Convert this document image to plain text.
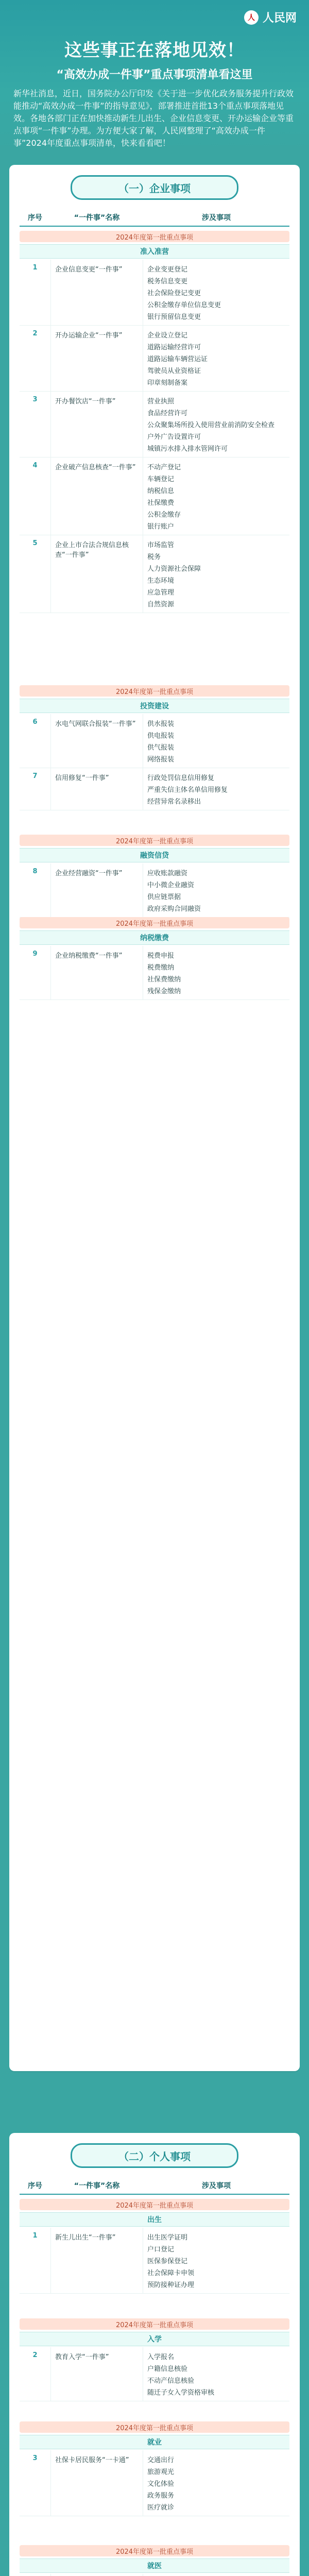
人 人民网
这些事正在落地见效！
“高效办成一件事”重点事项清单看这里
新华社消息，近日，国务院办公厅印发《关于进一步优化政务服务提升行政效能推动“高效办成一件事”的指导意见》，部署推进首批13个重点事项落地见效。各地各部门正在加快推动新生儿出生、企业信息变更、开办运输企业等重点事项“一件事”办理。为方便大家了解，人民网整理了“高效办成一件事”2024年度重点事项清单，快来看看吧！
（一）企业事项
序号	“一件事”名称	涉及事项
2024年度第一批重点事项
准入准营
1	企业信息变更“一件事”	企业变更登记
税务信息变更
社会保险登记变更
公积金缴存单位信息变更
银行预留信息变更
2	开办运输企业“一件事”	企业设立登记
道路运输经营许可
道路运输车辆营运证
驾驶员从业资格证
印章刻制备案
3	开办餐饮店“一件事”	营业执照
食品经营许可
公众聚集场所投入使用营业前消防安全检查
户外广告设置许可
城镇污水排入排水管网许可
4	企业破产信息核查“一件事”	不动产登记
车辆登记
纳税信息
社保缴费
公积金缴存
银行账户
5	企业上市合法合规信息核查“一件事”
市场监管
税务
人力资源社会保障
生态环境
应急管理
自然资源
2024年度第一批重点事项
投资建设
6	水电气网联合报装“一件事”	供水报装
供电报装
供气报装
网络报装
7	信用修复“一件事”	行政处罚信息信用修复
严重失信主体名单信用修复
经营异常名录移出
2024年度第一批重点事项
融资信贷
8	企业经营融资“一件事”	应收账款融资
中小微企业融资
供应链票据
政府采购合同融资
2024年度第一批重点事项
纳税缴费
9	企业纳税缴费“一件事”	税费申报
税费缴纳
社保费缴纳
残保金缴纳
（二）个人事项
序号	“一件事”名称	涉及事项
2024年度第一批重点事项
出生
1	新生儿出生“一件事”	出生医学证明
户口登记
医保参保登记
社会保障卡申领
预防接种证办理
2024年度第一批重点事项
入学
2	教育入学“一件事”	入学报名
户籍信息核验
不动产信息核验
随迁子女入学资格审核
2024年度第一批重点事项
就业
3	社保卡居民服务“一卡通”	交通出行
旅游观光
文化体验
政务服务
医疗就诊
2024年度第一批重点事项
就医
